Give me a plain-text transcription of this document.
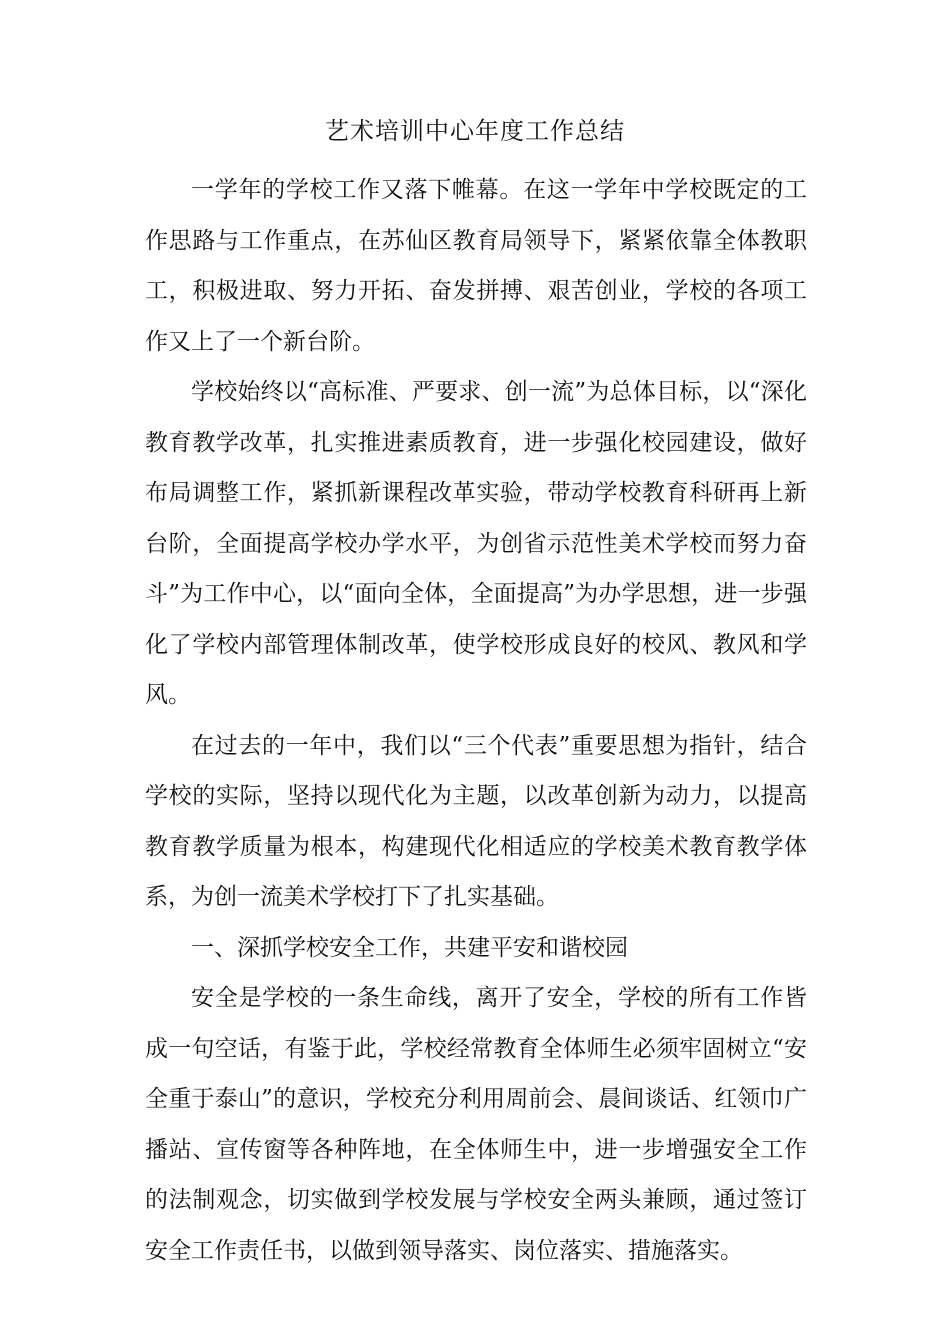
艺术培训中心年度工作总结

一学年的学校工作又落下帷幕。在这一学年中学校既定的工作思路与工作重点，在苏仙区教育局领导下，紧紧依靠全体教职工，积极进取、努力开拓、奋发拼搏、艰苦创业，学校的各项工作又上了一个新台阶。

学校始终以“高标准、严要求、创一流”为总体目标，以“深化教育教学改革，扎实推进素质教育，进一步强化校园建设，做好布局调整工作，紧抓新课程改革实验，带动学校教育科研再上新台阶，全面提高学校办学水平，为创省示范性美术学校而努力奋斗”为工作中心，以“面向全体，全面提高”为办学思想，进一步强化了学校内部管理体制改革，使学校形成良好的校风、教风和学风。

在过去的一年中，我们以“三个代表”重要思想为指针，结合学校的实际，坚持以现代化为主题，以改革创新为动力，以提高教育教学质量为根本，构建现代化相适应的学校美术教育教学体系，为创一流美术学校打下了扎实基础。

一、深抓学校安全工作，共建平安和谐校园

安全是学校的一条生命线，离开了安全，学校的所有工作皆成一句空话，有鉴于此，学校经常教育全体师生必须牢固树立“安全重于泰山”的意识，学校充分利用周前会、晨间谈话、红领巾广播站、宣传窗等各种阵地，在全体师生中，进一步增强安全工作的法制观念，切实做到学校发展与学校安全两头兼顾，通过签订安全工作责任书，以做到领导落实、岗位落实、措施落实。
